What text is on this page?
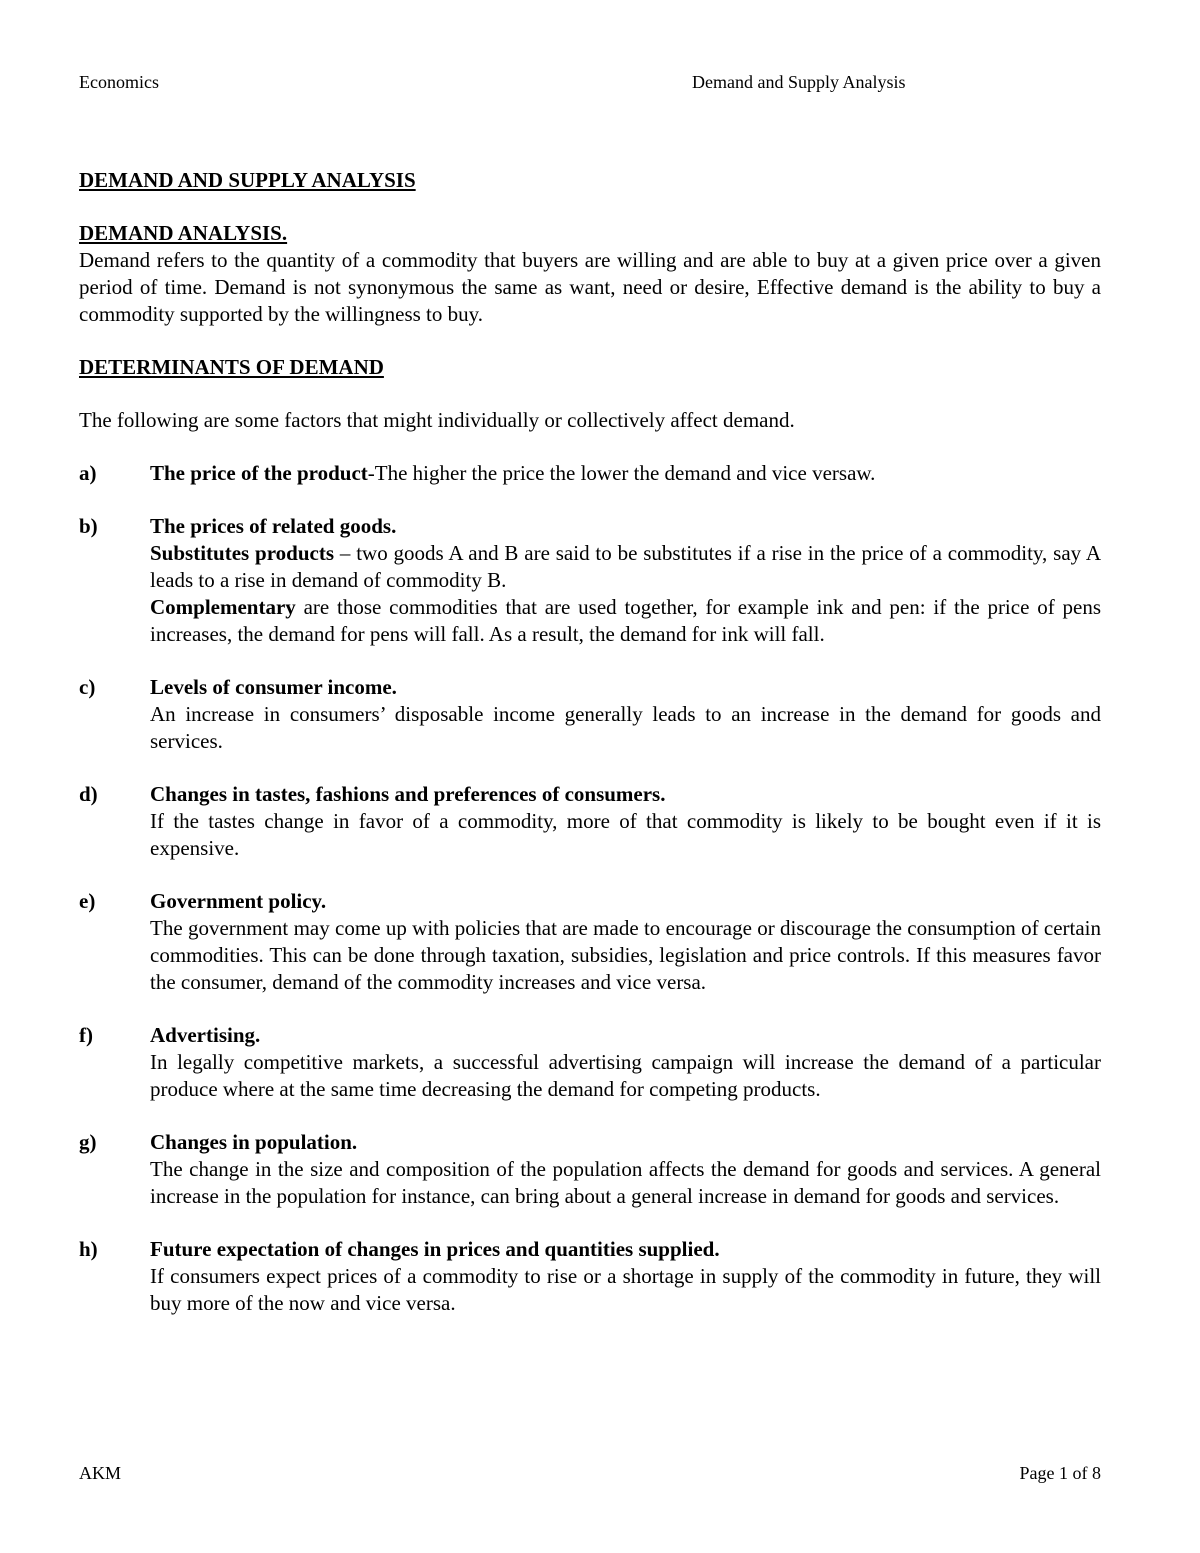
Economics	Demand and Supply Analysis

DEMAND AND SUPPLY ANALYSIS

DEMAND ANALYSIS.

Demand refers to the quantity of a commodity that buyers are willing and are able to buy at a given price over a given period of time. Demand is not synonymous the same as want, need or desire, Effective demand is the ability to buy a commodity supported by the willingness to buy.

DETERMINANTS OF DEMAND

The following are some factors that might individually or collectively affect demand.

a)	The price of the product-The higher the price the lower the demand and vice versaw.
b)	The prices of related goods.
Substitutes products – two goods A and B are said to be substitutes if a rise in the price of a commodity, say A leads to a rise in demand of commodity B.
Complementary are those commodities that are used together, for example ink and pen: if the price of pens increases, the demand for pens will fall. As a result, the demand for ink will fall.
c)	Levels of consumer income.
An increase in consumers’ disposable income generally leads to an increase in the demand for goods and services.
d)	Changes in tastes, fashions and preferences of consumers.
If the tastes change in favor of a commodity, more of that commodity is likely to be bought even if it is expensive.
e)	Government policy.
The government may come up with policies that are made to encourage or discourage the consumption of certain commodities. This can be done through taxation, subsidies, legislation and price controls. If this measures favor the consumer, demand of the commodity increases and vice versa.
f)	Advertising.
In legally competitive markets, a successful advertising campaign will increase the demand of a particular produce where at the same time decreasing the demand for competing products.
g)	Changes in population.
The change in the size and composition of the population affects the demand for goods and services. A general increase in the population for instance, can bring about a general increase in demand for goods and services.
h)	Future expectation of changes in prices and quantities supplied.
If consumers expect prices of a commodity to rise or a shortage in supply of the commodity in future, they will buy more of the now and vice versa.
AKM	Page 1 of 8
